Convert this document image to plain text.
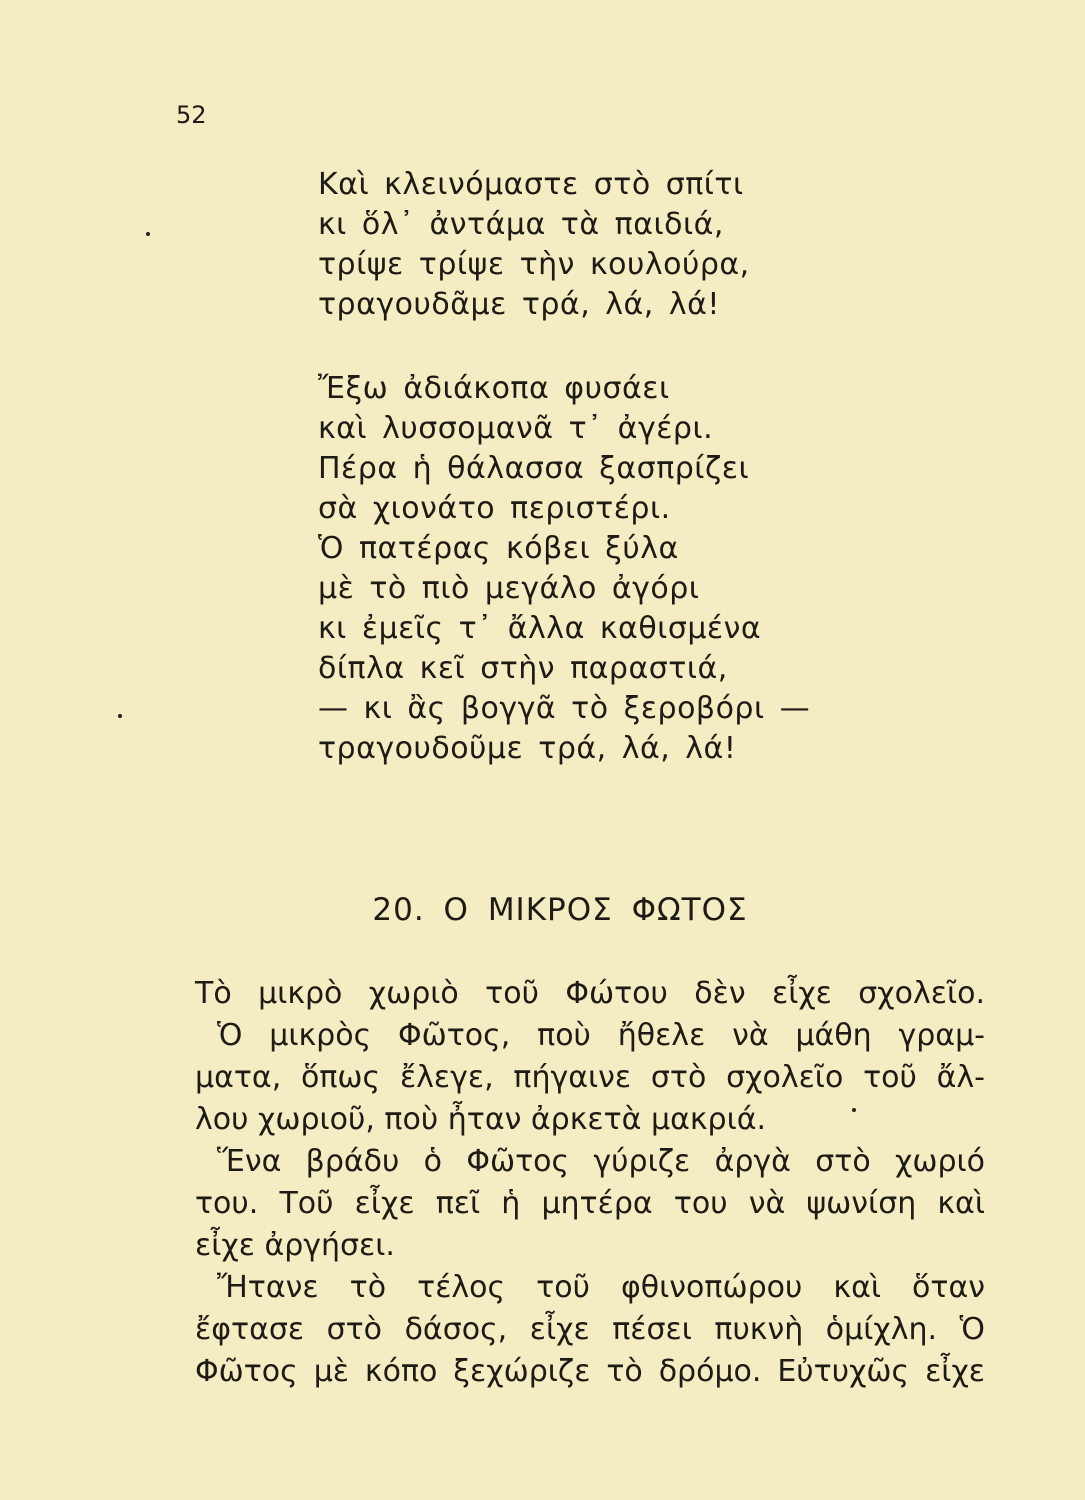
52
Καὶ κλεινόμαστε στὸ σπίτι
κι ὅλ᾿ ἀντάμα τὰ παιδιά,
τρίψε τρίψε τὴν κουλούρα,
τραγουδᾶμε τρά, λά, λά!
Ἔξω ἀδιάκοπα φυσάει
καὶ λυσσομανᾶ τ᾿ ἀγέρι.
Πέρα ἡ θάλασσα ξασπρίζει
σὰ χιονάτο περιστέρι.
Ὁ πατέρας κόβει ξύλα
μὲ τὸ πιὸ μεγάλο ἀγόρι
κι ἐμεῖς τ᾿ ἄλλα καθισμένα
δίπλα κεῖ στὴν παραστιά,
— κι ἂς βογγᾶ τὸ ξεροβόρι —
τραγουδοῦμε τρά, λά, λά!
20. Ο ΜΙΚΡΟΣ ΦΩΤΟΣ
Τὸ μικρὸ χωριὸ τοῦ Φώτου δὲν εἶχε σχολεῖο.
Ὁ μικρὸς Φῶτος, ποὺ ἤθελε νὰ μάθη γραμ-
ματα, ὅπως ἔλεγε, πήγαινε στὸ σχολεῖο τοῦ ἄλ-
λου χωριοῦ, ποὺ ἦταν ἀρκετὰ μακριά.
Ἕνα βράδυ ὁ Φῶτος γύριζε ἀργὰ στὸ χωριό
του. Τοῦ εἶχε πεῖ ἡ μητέρα του νὰ ψωνίση καὶ
εἶχε ἀργήσει.
Ἤτανε τὸ τέλος τοῦ φθινοπώρου καὶ ὅταν
ἔφτασε στὸ δάσος, εἶχε πέσει πυκνὴ ὁμίχλη. Ὁ
Φῶτος μὲ κόπο ξεχώριζε τὸ δρόμο. Εὐτυχῶς εἶχε
